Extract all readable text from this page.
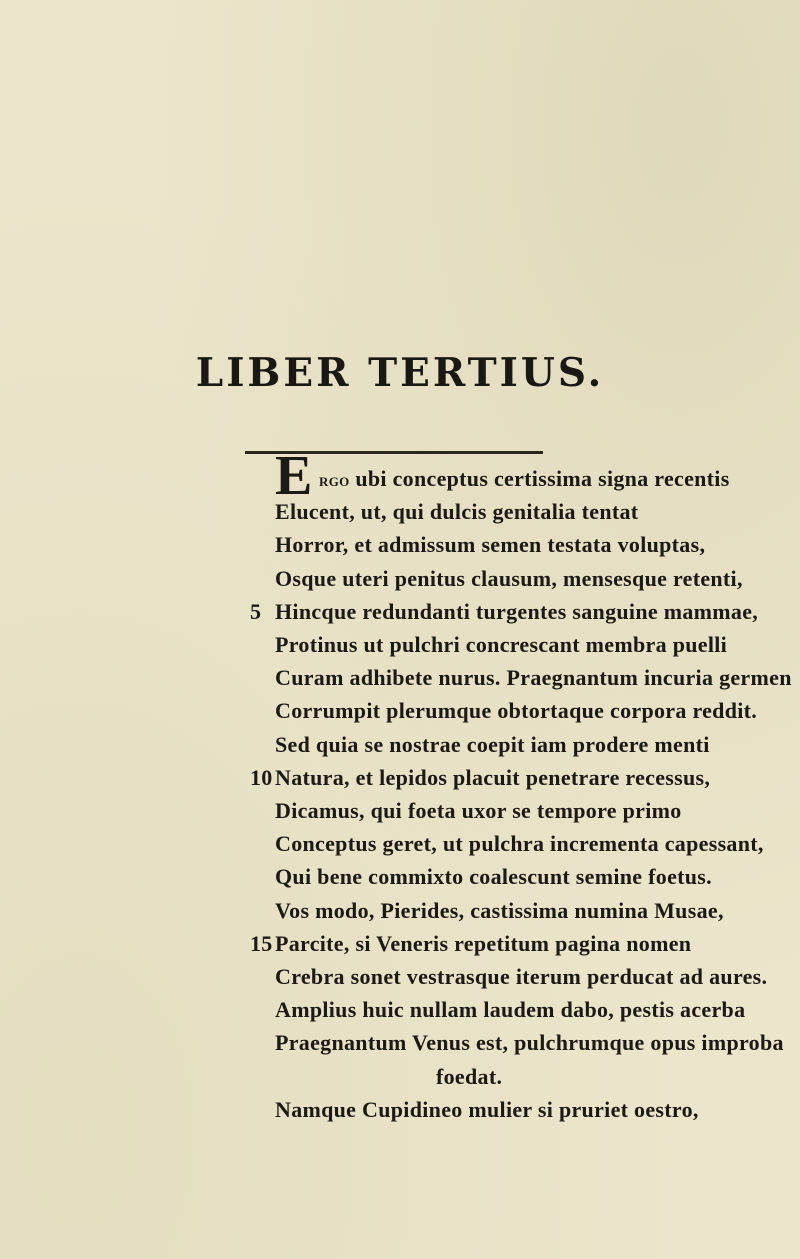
LIBER TERTIUS.
E rgo ubi conceptus certissima signa recentis
Elucent, ut, qui dulcis genitalia tentat
Horror, et admissum semen testata voluptas,
Osque uteri penitus clausum, mensesque retenti,
5 Hincque redundanti turgentes sanguine mammae,
Protinus ut pulchri concrescant membra puelli
Curam adhibete nurus. Praegnantum incuria germen
Corrumpit plerumque obtortaque corpora reddit.
Sed quia se nostrae coepit iam prodere menti
10 Natura, et lepidos placuit penetrare recessus,
Dicamus, qui foeta uxor se tempore primo
Conceptus geret, ut pulchra incrementa capessant,
Qui bene commixto coalescunt semine foetus.
Vos modo, Pierides, castissima numina Musae,
15 Parcite, si Veneris repetitum pagina nomen
Crebra sonet vestrasque iterum perducat ad aures.
Amplius huic nullam laudem dabo, pestis acerba
Praegnantum Venus est, pulchrumque opus improba
foedat.
Namque Cupidineo mulier si pruriet oestro,
